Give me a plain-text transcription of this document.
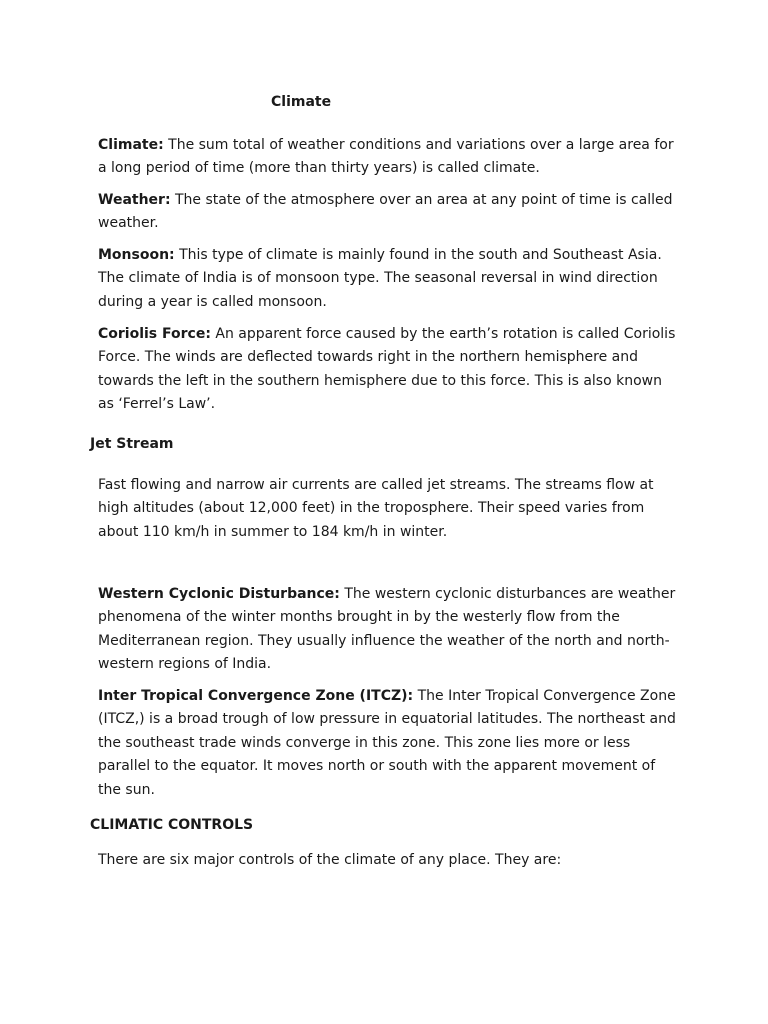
Climate

Climate: The sum total of weather conditions and variations over a large area for a long period of time (more than thirty years) is called climate.

Weather: The state of the atmosphere over an area at any point of time is called weather.

Monsoon: This type of climate is mainly found in the south and Southeast Asia. The climate of India is of monsoon type. The seasonal reversal in wind direction during a year is called monsoon.

Coriolis Force: An apparent force caused by the earth’s rotation is called Coriolis Force. The winds are deflected towards right in the northern hemisphere and towards the left in the southern hemisphere due to this force. This is also known as ‘Ferrel’s Law’.

Jet Stream

Fast flowing and narrow air currents are called jet streams. The streams flow at high altitudes (about 12,000 feet) in the troposphere. Their speed varies from about 110 km/h in summer to 184 km/h in winter.

Western Cyclonic Disturbance: The western cyclonic disturbances are weather phenomena of the winter months brought in by the westerly flow from the Mediterranean region. They usually influence the weather of the north and north-western regions of India.

Inter Tropical Convergence Zone (ITCZ): The Inter Tropical Convergence Zone (ITCZ,) is a broad trough of low pressure in equatorial latitudes. The northeast and the southeast trade winds converge in this zone. This zone lies more or less parallel to the equator. It moves north or south with the apparent movement of the sun.

CLIMATIC CONTROLS

There are six major controls of the climate of any place. They are:
